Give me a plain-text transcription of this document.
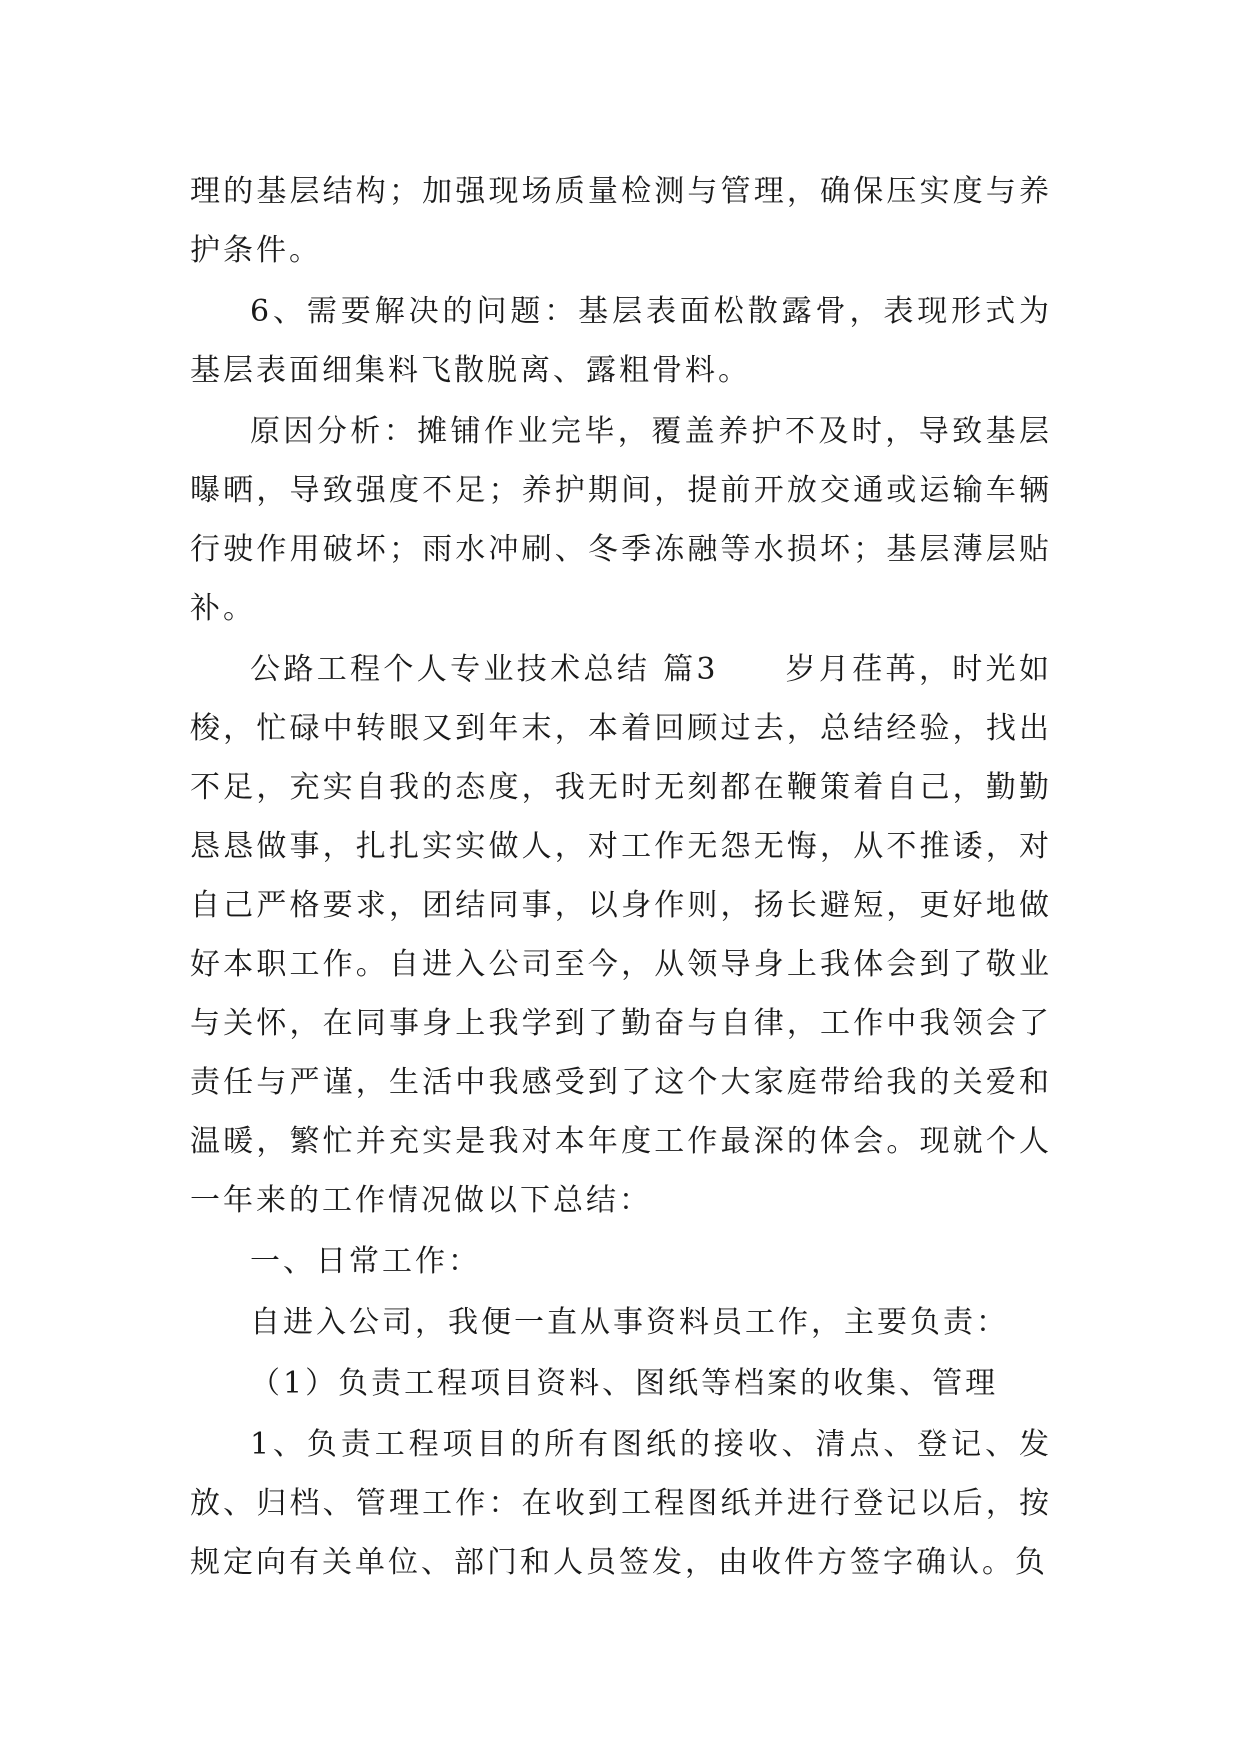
理的基层结构；加强现场质量检测与管理，确保压实度与养护条件。

6、需要解决的问题：基层表面松散露骨，表现形式为基层表面细集料飞散脱离、露粗骨料。

原因分析：摊铺作业完毕，覆盖养护不及时，导致基层曝晒，导致强度不足；养护期间，提前开放交通或运输车辆行驶作用破坏；雨水冲刷、冬季冻融等水损坏；基层薄层贴补。

公路工程个人专业技术总结 篇3　　岁月荏苒，时光如梭，忙碌中转眼又到年末，本着回顾过去，总结经验，找出不足，充实自我的态度，我无时无刻都在鞭策着自己，勤勤恳恳做事，扎扎实实做人，对工作无怨无悔，从不推诿，对自己严格要求，团结同事，以身作则，扬长避短，更好地做好本职工作。自进入公司至今，从领导身上我体会到了敬业与关怀，在同事身上我学到了勤奋与自律，工作中我领会了责任与严谨，生活中我感受到了这个大家庭带给我的关爱和温暖，繁忙并充实是我对本年度工作最深的体会。现就个人一年来的工作情况做以下总结：

一、日常工作：

自进入公司，我便一直从事资料员工作，主要负责：

（1）负责工程项目资料、图纸等档案的收集、管理

1、负责工程项目的所有图纸的接收、清点、登记、发放、归档、管理工作：在收到工程图纸并进行登记以后，按规定向有关单位、部门和人员签发，由收件方签字确认。负
